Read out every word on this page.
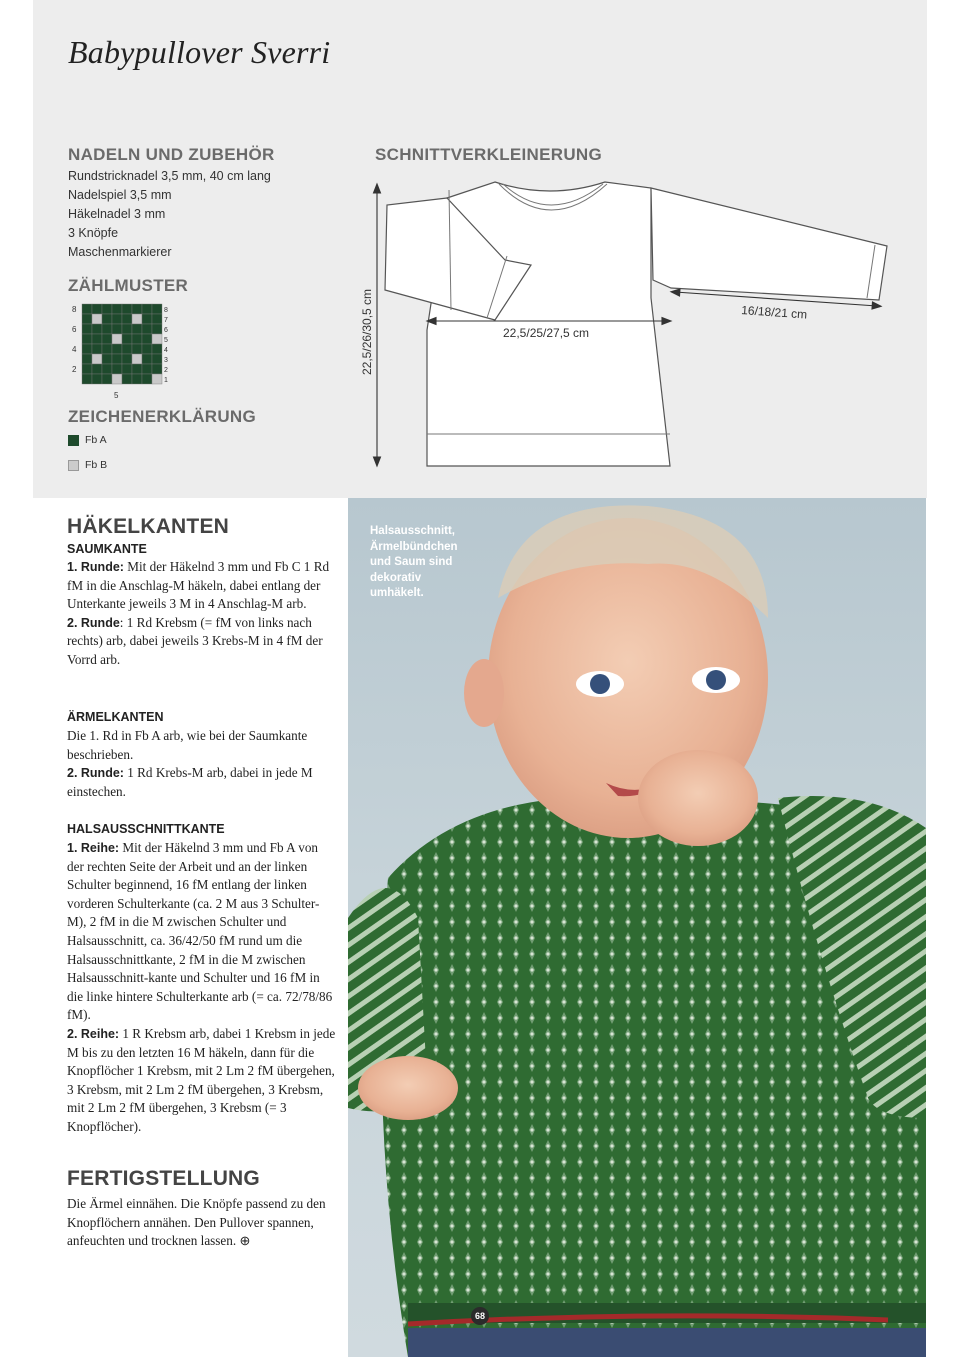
Babypullover Sverri
NADELN UND ZUBEHÖR
Rundstricknadel 3,5 mm, 40 cm lang
Nadelspiel 3,5 mm
Häkelnadel 3 mm
3 Knöpfe
Maschenmarkierer
ZÄHLMUSTER
8
6
4
2
8
7
6
5
4
3
2
1
5
ZEICHENERKLÄRUNG
Fb A
Fb B
SCHNITTVERKLEINERUNG
22,5/26/30,5 cm	22,5/25/27,5 cm
16/18/21 cm
HÄKELKANTEN
SAUMKANTE

1. Runde: Mit der Häkelnd 3 mm und Fb C 1 Rd fM in die Anschlag-M häkeln, dabei entlang der Unterkante jeweils 3 M in 4 Anschlag-M arb.

2. Runde: 1 Rd Krebsm (= fM von links nach rechts) arb, dabei jeweils 3 Krebs-M in 4 fM der Vorrd arb.

ÄRMELKANTEN

Die 1. Rd in Fb A arb, wie bei der Saumkante beschrieben.

2. Runde: 1 Rd Krebs-M arb, dabei in jede M einstechen.

HALSAUSSCHNITTKANTE

1. Reihe: Mit der Häkelnd 3 mm und Fb A von der rechten Seite der Arbeit und an der linken Schulter beginnend, 16 fM entlang der linken vorderen Schulterkante (ca. 2 M aus 3 Schulter-M), 2 fM in die M zwischen Schulter und Halsausschnitt, ca. 36/42/50 fM rund um die Halsausschnittkante, 2 fM in die M zwischen Halsausschnitt-kante und Schulter und 16 fM in die linke hintere Schulterkante arb (= ca. 72/78/86 fM).

2. Reihe: 1 R Krebsm arb, dabei 1 Krebsm in jede M bis zu den letzten 16 M häkeln, dann für die Knopflöcher 1 Krebsm, mit 2 Lm 2 fM übergehen, 3 Krebsm, mit 2 Lm 2 fM übergehen, 3 Krebsm, mit 2 Lm 2 fM übergehen, 3 Krebsm (= 3 Knopflöcher).

FERTIGSTELLUNG

Die Ärmel einnähen. Die Knöpfe passend zu den Knopflöchern annähen. Den Pullover spannen, anfeuchten und trocknen lassen. ⊕

Halsausschnitt, Ärmelbündchen und Saum sind dekorativ umhäkelt.
68
